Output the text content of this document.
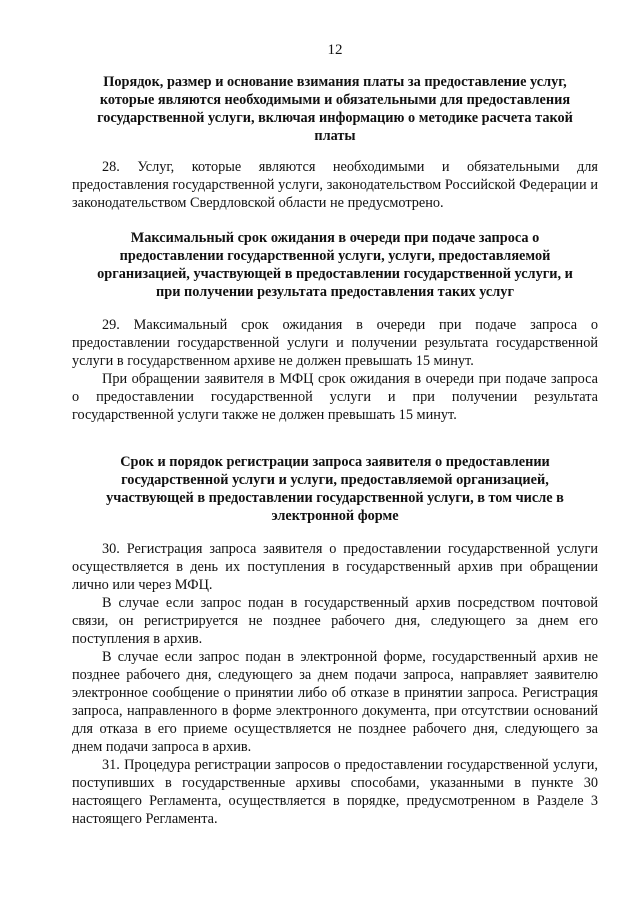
12

Порядок, размер и основание взимания платы за предоставление услуг, которые являются необходимыми и обязательными для предоставления государственной услуги, включая информацию о методике расчета такой платы

28. Услуг, которые являются необходимыми и обязательными для предоставления государственной услуги, законодательством Российской Федерации и законодательством Свердловской области не предусмотрено.

Максимальный срок ожидания в очереди при подаче запроса о предоставлении государственной услуги, услуги, предоставляемой организацией, участвующей в предоставлении государственной услуги, и при получении результата предоставления таких услуг

29. Максимальный срок ожидания в очереди при подаче запроса о предоставлении государственной услуги и получении результата государственной услуги в государственном архиве не должен превышать 15 минут.

При обращении заявителя в МФЦ срок ожидания в очереди при подаче запроса о предоставлении государственной услуги и при получении результата государственной услуги также не должен превышать 15 минут.

Срок и порядок регистрации запроса заявителя о предоставлении государственной услуги и услуги, предоставляемой организацией, участвующей в предоставлении государственной услуги, в том числе в электронной форме

30. Регистрация запроса заявителя о предоставлении государственной услуги осуществляется в день их поступления в государственный архив при обращении лично или через МФЦ.

В случае если запрос подан в государственный архив посредством почтовой связи, он регистрируется не позднее рабочего дня, следующего за днем его поступления в архив.

В случае если запрос подан в электронной форме, государственный архив не позднее рабочего дня, следующего за днем подачи запроса, направляет заявителю электронное сообщение о принятии либо об отказе в принятии запроса. Регистрация запроса, направленного в форме электронного документа, при отсутствии оснований для отказа в его приеме осуществляется не позднее рабочего дня, следующего за днем подачи запроса в архив.

31. Процедура регистрации запросов о предоставлении государственной услуги, поступивших в государственные архивы способами, указанными в пункте 30 настоящего Регламента, осуществляется в порядке, предусмотренном в Разделе 3 настоящего Регламента.
